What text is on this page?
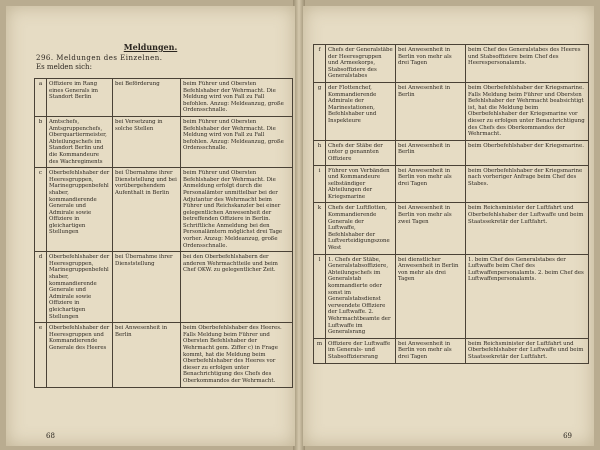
Meldungen.
296. Meldungen des Einzelnen.
Es melden sich:
a	Offiziere im Rang eines Generals im Standort Berlin	bei Beförderung	beim Führer und Obersten Befehlshaber der Wehrmacht. Die Meldung wird von Fall zu Fall befohlen. Anzug: Meldeanzug, große Ordensschnalle.
b	Amtschefs, Amtsgruppenchefs, Oberquartiermeister, Abteilungschefs im Standort Berlin und die Kommandeure des Wachregiments	bei Versetzung in solche Stellen	beim Führer und Obersten Befehlshaber der Wehrmacht. Die Meldung wird von Fall zu Fall befohlen. Anzug: Meldeanzug, große Ordensschnalle.
c	Oberbefehlshaber der Heeresgruppen, Marinegruppenbefehlshaber, kommandierende Generale und Admirale sowie Offiziere in gleichartigen Stellungen	bei Übernahme ihrer Dienststellung und bei vorübergehendem Aufenthalt in Berlin	beim Führer und Obersten Befehlshaber der Wehrmacht. Die Anmeldung erfolgt durch die Personalämter unmittelbar bei der Adjutantur des Wehrmacht beim Führer und Reichskanzler bei einer gelegentlichen Anwesenheit der betreffenden Offiziere in Berlin. Schriftliche Anmeldung bei den Personalämtern möglichst drei Tage vorher. Anzug: Meldeanzug, große Ordensschnalle.
d	Oberbefehlshaber der Heeresgruppen, Marinegruppenbefehlshaber, kommandierende Generale und Admirale sowie Offiziere in gleichartigen Stellungen	bei Übernahme ihrer Dienststellung	bei den Oberbefehlshabern der anderen Wehrmachtteile und beim Chef OKW. zu gelegentlicher Zeit.
e	Oberbefehlshaber der Heeresgruppen und Kommandierende Generale des Heeres	bei Anwesenheit in Berlin	beim Oberbefehlshaber des Heeres. Falls Meldung beim Führer und Obersten Befehlshaber der Wehrmacht gem. Ziffer c) in Frage kommt, hat die Meldung beim Oberbefehlshaber des Heeres vor dieser zu erfolgen unter Benachrichtigung des Chefs des Oberkommandos der Wehrmacht.
68
f	Chefs der Generalstäbe der Heeresgruppen und Armeekorps, Stabsoffiziere des Generalstabes	bei Anwesenheit in Berlin von mehr als drei Tagen	beim Chef des Generalstabes des Heeres und Stabsoffiziere beim Chef des Heerespersonalamts.
g	der Flottenchef, Kommandierende Admirale der Marinestationen, Befehlshaber und Inspekteure	bei Anwesenheit in Berlin	beim Oberbefehlshaber der Kriegsmarine. Falls Meldung beim Führer und Obersten Befehlshaber der Wehrmacht beabsichtigt ist, hat die Meldung beim Oberbefehlshaber der Kriegsmarine vor dieser zu erfolgen unter Benachrichtigung des Chefs des Oberkommandos der Wehrmacht.
h	Chefs der Stäbe der unter g genannten Offiziere	bei Anwesenheit in Berlin	beim Oberbefehlshaber der Kriegsmarine.
i	Führer von Verbänden und Kommandeure selbständiger Abteilungen der Kriegsmarine	bei Anwesenheit in Berlin von mehr als drei Tagen	beim Oberbefehlshaber der Kriegsmarine nach vorheriger Anfrage beim Chef des Stabes.
k	Chefs der Luftflotten, Kommandierende Generale der Luftwaffe, Befehlshaber der Luftverteidigungszone West	bei Anwesenheit in Berlin von mehr als zwei Tagen	beim Reichsminister der Luftfahrt und Oberbefehlshaber der Luftwaffe und beim Staatssekretär der Luftfahrt.
l	1. Chefs der Stäbe, Generalstabsoffiziere, Abteilungschefs im Generalstab kommandierte oder sonst im Generalstabsdienst verwendete Offiziere der Luftwaffe. 2. Wehrmachtbeamte der Luftwaffe im Generalsrang	bei dienstlicher Anwesenheit in Berlin von mehr als drei Tagen	1. beim Chef des Generalstabes der Luftwaffe beim Chef des Luftwaffenpersonalamts. 2. beim Chef des Luftwaffenpersonalamts.
m	Offiziere der Luftwaffe im Generals- und Stabsoffiziersrang	bei Anwesenheit in Berlin von mehr als drei Tagen	beim Reichsminister der Luftfahrt und Oberbefehlshaber der Luftwaffe und beim Staatssekretär der Luftfahrt.
69
